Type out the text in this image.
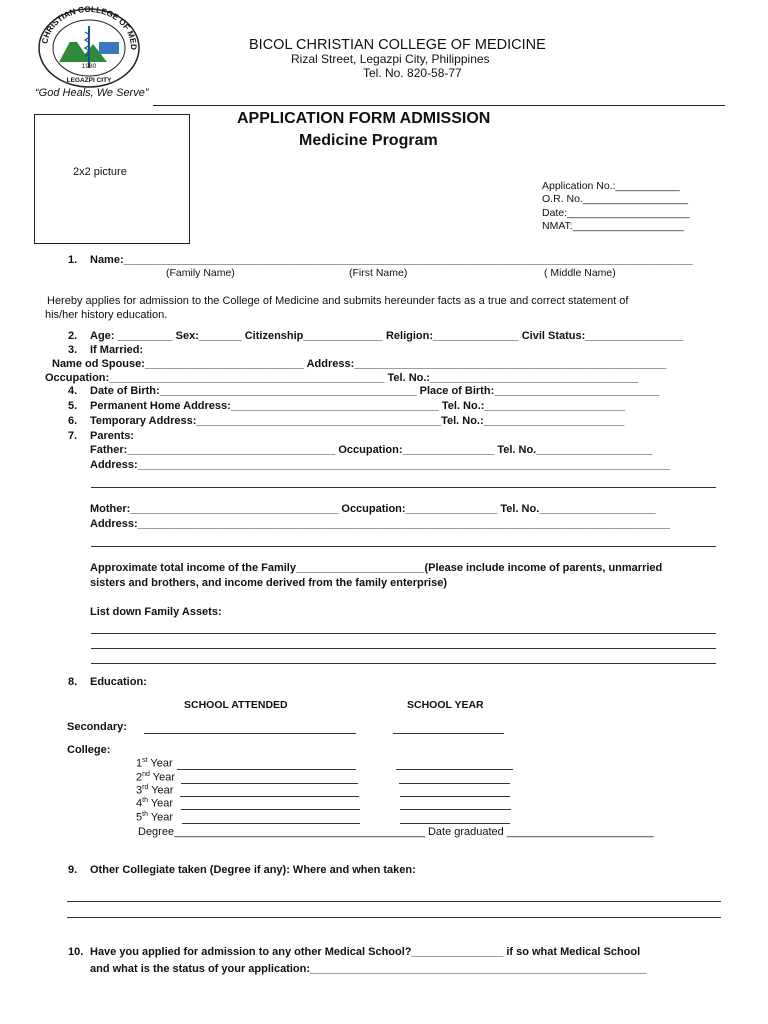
CHRISTIAN COLLEGE OF MED
1980
LEGAZPI CITY
BICOL CHRISTIAN COLLEGE OF MEDICINE
Rizal Street, Legazpi City, Philippines
Tel. No. 820-58-77
“God Heals, We Serve”
2x2 picture
APPLICATION FORM ADMISSION
Medicine Program
Application No.:___________
O.R. No.__________________
Date:_____________________
NMAT:___________________
1. Name:_____________________________________________________________________________________________
(Family Name)	(First Name)	( Middle Name)
Hereby applies for admission to the College of Medicine and submits hereunder facts as a true and correct statement of
his/her history education.
2. Age: _________ Sex:_______ Citizenship_____________ Religion:______________ Civil Status:________________
3. If Married:
Name od Spouse:__________________________ Address:___________________________________________________
Occupation:_____________________________________________ Tel. No.:__________________________________
4. Date of Birth:__________________________________________ Place of Birth:___________________________
5. Permanent Home Address:__________________________________ Tel. No.:_______________________
6. Temporary Address:________________________________________Tel. No.:_______________________
7. Parents:
Father:__________________________________ Occupation:_______________ Tel. No.___________________
Address:_______________________________________________________________________________________
Mother:__________________________________ Occupation:_______________ Tel. No.___________________
Address:_______________________________________________________________________________________
Approximate total income of the Family_____________________(Please include income of parents, unmarried
sisters and brothers, and income derived from the family enterprise)
List down Family Assets:
8. Education:
SCHOOL ATTENDED	SCHOOL YEAR
Secondary:
College:
1st Year
2nd Year
3rd Year
4th Year
5th Year
Degree_________________________________________ Date graduated ________________________
9. Other Collegiate taken (Degree if any): Where and when taken:
10. Have you applied for admission to any other Medical School?_______________ if so what Medical School
and what is the status of your application:_______________________________________________________
